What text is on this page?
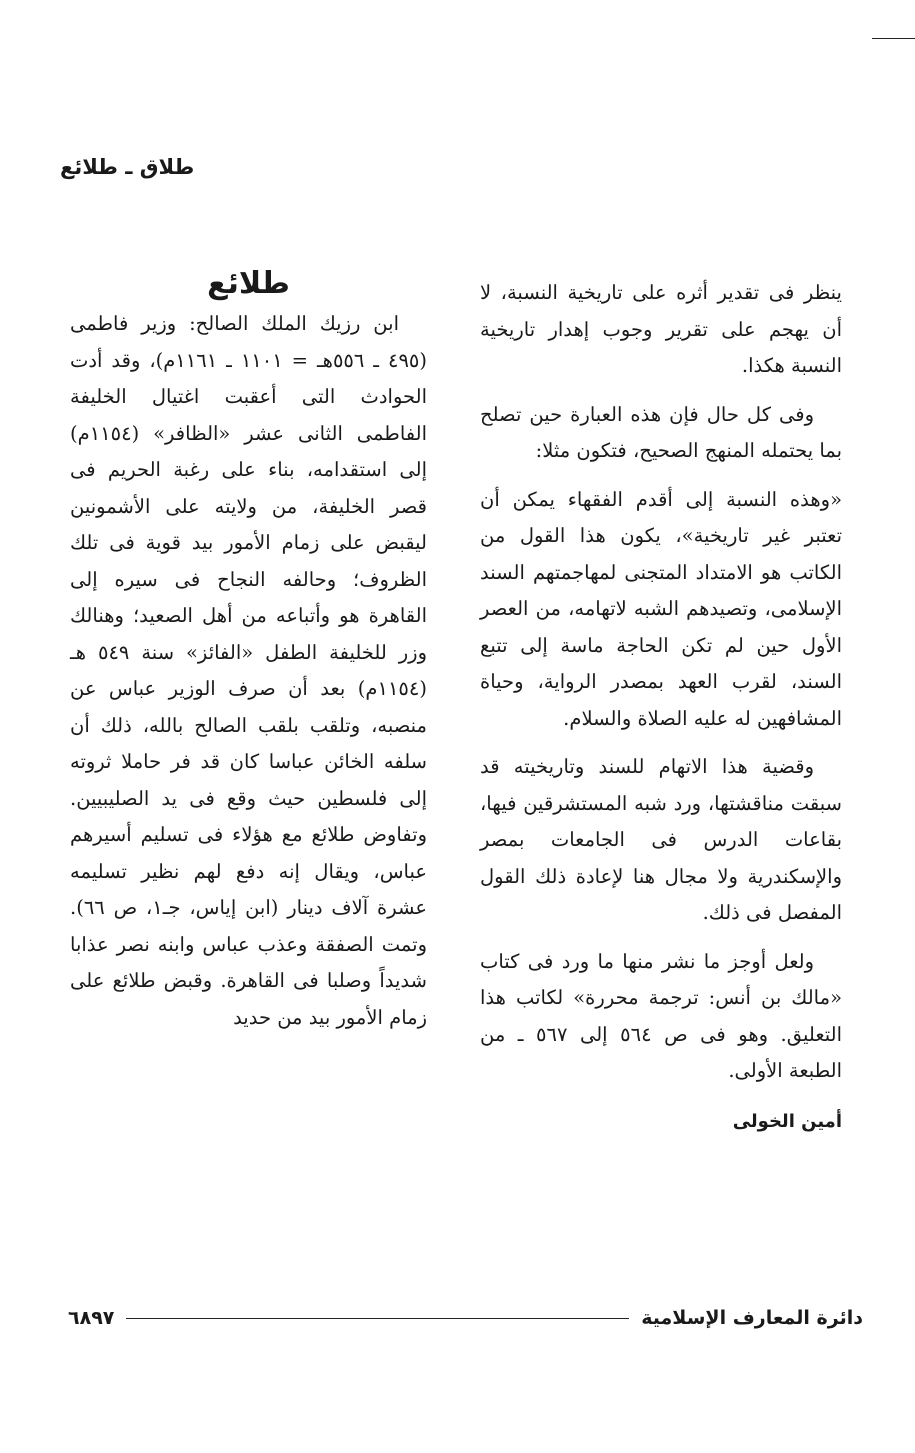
طلاق ـ طلائع

ينظر فى تقدير أثره على تاريخية النسبة، لا أن يهجم على تقرير وجوب إهدار تاريخية النسبة هكذا.

وفى كل حال فإن هذه العبارة حين تصلح بما يحتمله المنهج الصحيح، فتكون مثلا:

«وهذه النسبة إلى أقدم الفقهاء يمكن أن تعتبر غير تاريخية»، يكون هذا القول من الكاتب هو الامتداد المتجنى لمهاجمتهم السند الإسلامى، وتصيدهم الشبه لاتهامه، من العصر الأول حين لم تكن الحاجة ماسة إلى تتبع السند، لقرب العهد بمصدر الرواية، وحياة المشافهين له عليه الصلاة والسلام.

وقضية هذا الاتهام للسند وتاريخيته قد سبقت مناقشتها، ورد شبه المستشرقين فيها، بقاعات الدرس فى الجامعات بمصر والإسكندرية ولا مجال هنا لإعادة ذلك القول المفصل فى ذلك.

ولعل أوجز ما نشر منها ما ورد فى كتاب «مالك بن أنس: ترجمة محررة» لكاتب هذا التعليق. وهو فى ص ٥٦٤ إلى ٥٦٧ ـ من الطبعة الأولى.

أمين الخولى

طلائع

ابن رزيك الملك الصالح: وزير فاطمى (٤٩٥ ـ ٥٥٦هـ = ١١٠١ ـ ١١٦١م)، وقد أدت الحوادث التى أعقبت اغتيال الخليفة الفاطمى الثانى عشر «الظافر» (١١٥٤م) إلى استقدامه، بناء على رغبة الحريم فى قصر الخليفة، من ولايته على الأشمونين ليقبض على زمام الأمور بيد قوية فى تلك الظروف؛ وحالفه النجاح فى سيره إلى القاهرة هو وأتباعه من أهل الصعيد؛ وهنالك وزر للخليفة الطفل «الفائز» سنة ٥٤٩ هـ (١١٥٤م) بعد أن صرف الوزير عباس عن منصبه، وتلقب بلقب الصالح بالله، ذلك أن سلفه الخائن عباسا كان قد فر حاملا ثروته إلى فلسطين حيث وقع فى يد الصليبيين. وتفاوض طلائع مع هؤلاء فى تسليم أسيرهم عباس، ويقال إنه دفع لهم نظير تسليمه عشرة آلاف دينار (ابن إياس، جـ١، ص ٦٦). وتمت الصفقة وعذب عباس وابنه نصر عذابا شديداً وصلبا فى القاهرة. وقبض طلائع على زمام الأمور بيد من حديد

دائرة المعارف الإسلامية
٦٨٩٧
